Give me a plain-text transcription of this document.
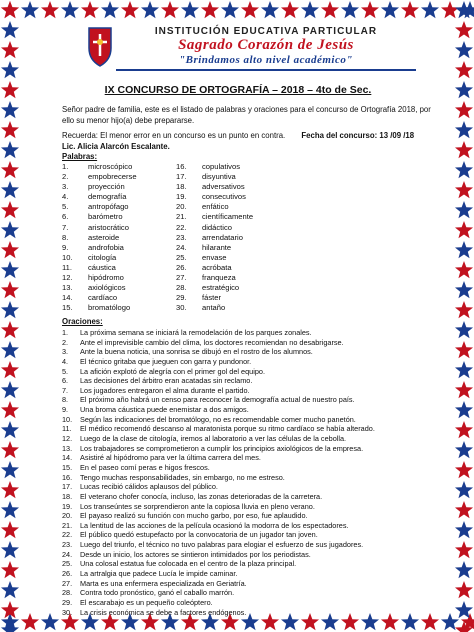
INSTITUCIÓN EDUCATIVA PARTICULAR
Sagrado Corazón de Jesús
"Brindamos alto nivel académico"
IX CONCURSO DE ORTOGRAFÍA – 2018 – 4to de Sec.
Señor padre de familia, este es el listado de palabras y oraciones para el concurso de Ortografía 2018, por ello su menor hijo(a) debe prepararse.
Recuerda: El menor error en un concurso es un punto en contra. Fecha del concurso: 13 /09 /18
Lic. Alicia Alarcón Escalante.
Palabras:
1.	microscópico
2.	empobrecerse
3.	proyección
4.	demografía
5.	antropófago
6.	barómetro
7.	aristocrático
8.	asteroide
9.	androfobia
10. citología
11. cáustica
12. hipódromo
13. axiológicos
14. cardíaco
15. bromatólogo
16. copulativos
17. disyuntiva
18. adversativos
19. consecutivos
20. enfático
21. científicamente
22. didáctico
23. arrendatario
24. hilarante
25. envase
26. acróbata
27. franqueza
28. estratégico
29. fáster
30. antaño
Oraciones:
1. La próxima semana se iniciará la remodelación de los parques zonales.
2. Ante el imprevisible cambio del clima, los doctores recomiendan no desabrigarse.
3. Ante la buena noticia, una sonrisa se dibujó en el rostro de los alumnos.
4. El técnico gritaba que jueguen con garra y pundonor.
5. La afición explotó de alegría con el primer gol del equipo.
6. Las decisiones del árbitro eran acatadas sin reclamo.
7. Los jugadores entregaron el alma durante el partido.
8. El próximo año habrá un censo para reconocer la demografía actual de nuestro país.
9. Una broma cáustica puede enemistar a dos amigos.
10. Según las indicaciones del bromatólogo, no es recomendable comer mucho panetón.
11. El médico recomendó descanso al maratonista porque su ritmo cardíaco se había alterado.
12. Luego de la clase de citología, iremos al laboratorio a ver las células de la cebolla.
13. Los trabajadores se comprometieron a cumplir los principios axiológicos de la empresa.
14. Asistiré al hipódromo para ver la última carrera del mes.
15. En el paseo comí peras e higos frescos.
16. Tengo muchas responsabilidades, sin embargo, no me estreso.
17. Lucas recibió cálidos aplausos del público.
18. El veterano chofer conocía, incluso, las zonas deterioradas de la carretera.
19. Los transeúntes se sorprendieron ante la copiosa lluvia en pleno verano.
20. El payaso realizó su función con mucho garbo, por eso, fue aplaudido.
21. La lentitud de las acciones de la película ocasionó la modorra de los espectadores.
22. El público quedó estupefacto por la convocatoria de un jugador tan joven.
23. Luego del triunfo, el técnico no tuvo palabras para elogiar el esfuerzo de sus jugadores.
24. Desde un inicio, los actores se sintieron intimidados por los periodistas.
25. Una colosal estatua fue colocada en el centro de la plaza principal.
26. La artralgia que padece Lucía le impide caminar.
27. Marta es una enfermera especializada en Geriatría.
28. Contra todo pronóstico, ganó el caballo marrón.
29. El escarabajo es un pequeño coleóptero.
30. La crisis económica se debe a factores endógenos.
